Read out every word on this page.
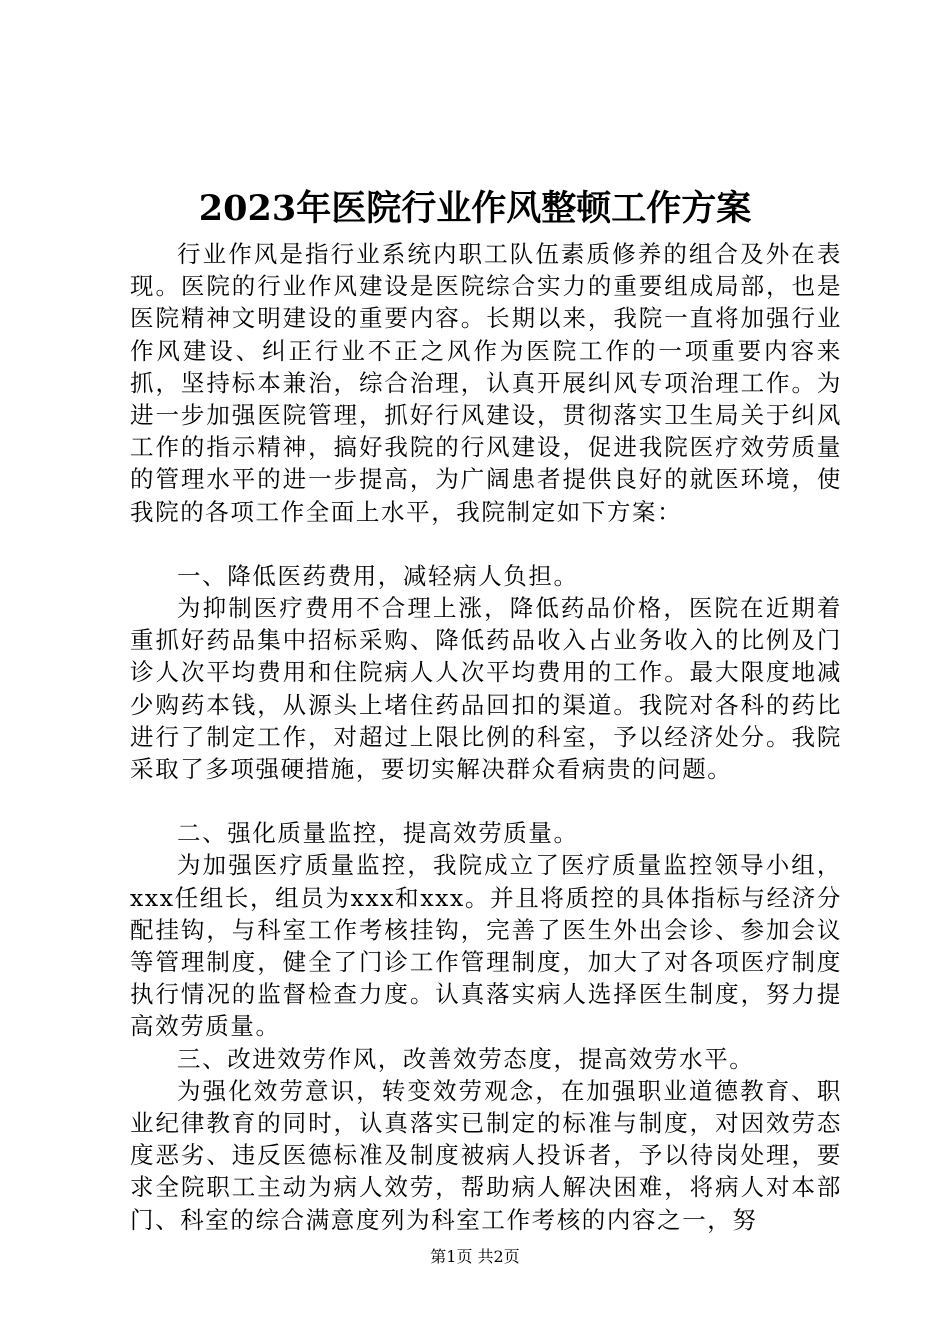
2023年医院行业作风整顿工作方案

行业作风是指行业系统内职工队伍素质修养的组合及外在表现。医院的行业作风建设是医院综合实力的重要组成局部，也是医院精神文明建设的重要内容。长期以来，我院一直将加强行业作风建设、纠正行业不正之风作为医院工作的一项重要内容来抓，坚持标本兼治，综合治理，认真开展纠风专项治理工作。为进一步加强医院管理，抓好行风建设，贯彻落实卫生局关于纠风工作的指示精神，搞好我院的行风建设，促进我院医疗效劳质量的管理水平的进一步提高，为广阔患者提供良好的就医环境，使我院的各项工作全面上水平，我院制定如下方案：

一、降低医药费用，减轻病人负担。

为抑制医疗费用不合理上涨，降低药品价格，医院在近期着重抓好药品集中招标采购、降低药品收入占业务收入的比例及门诊人次平均费用和住院病人人次平均费用的工作。最大限度地减少购药本钱，从源头上堵住药品回扣的渠道。我院对各科的药比进行了制定工作，对超过上限比例的科室，予以经济处分。我院采取了多项强硬措施，要切实解决群众看病贵的问题。

二、强化质量监控，提高效劳质量。

为加强医疗质量监控，我院成立了医疗质量监控领导小组，xxx任组长，组员为xxx和xxx。并且将质控的具体指标与经济分配挂钩，与科室工作考核挂钩，完善了医生外出会诊、参加会议等管理制度，健全了门诊工作管理制度，加大了对各项医疗制度执行情况的监督检查力度。认真落实病人选择医生制度，努力提高效劳质量。

三、改进效劳作风，改善效劳态度，提高效劳水平。

为强化效劳意识，转变效劳观念，在加强职业道德教育、职业纪律教育的同时，认真落实已制定的标准与制度，对因效劳态度恶劣、违反医德标准及制度被病人投诉者，予以待岗处理，要求全院职工主动为病人效劳，帮助病人解决困难，将病人对本部门、科室的综合满意度列为科室工作考核的内容之一，努

第1页 共2页
